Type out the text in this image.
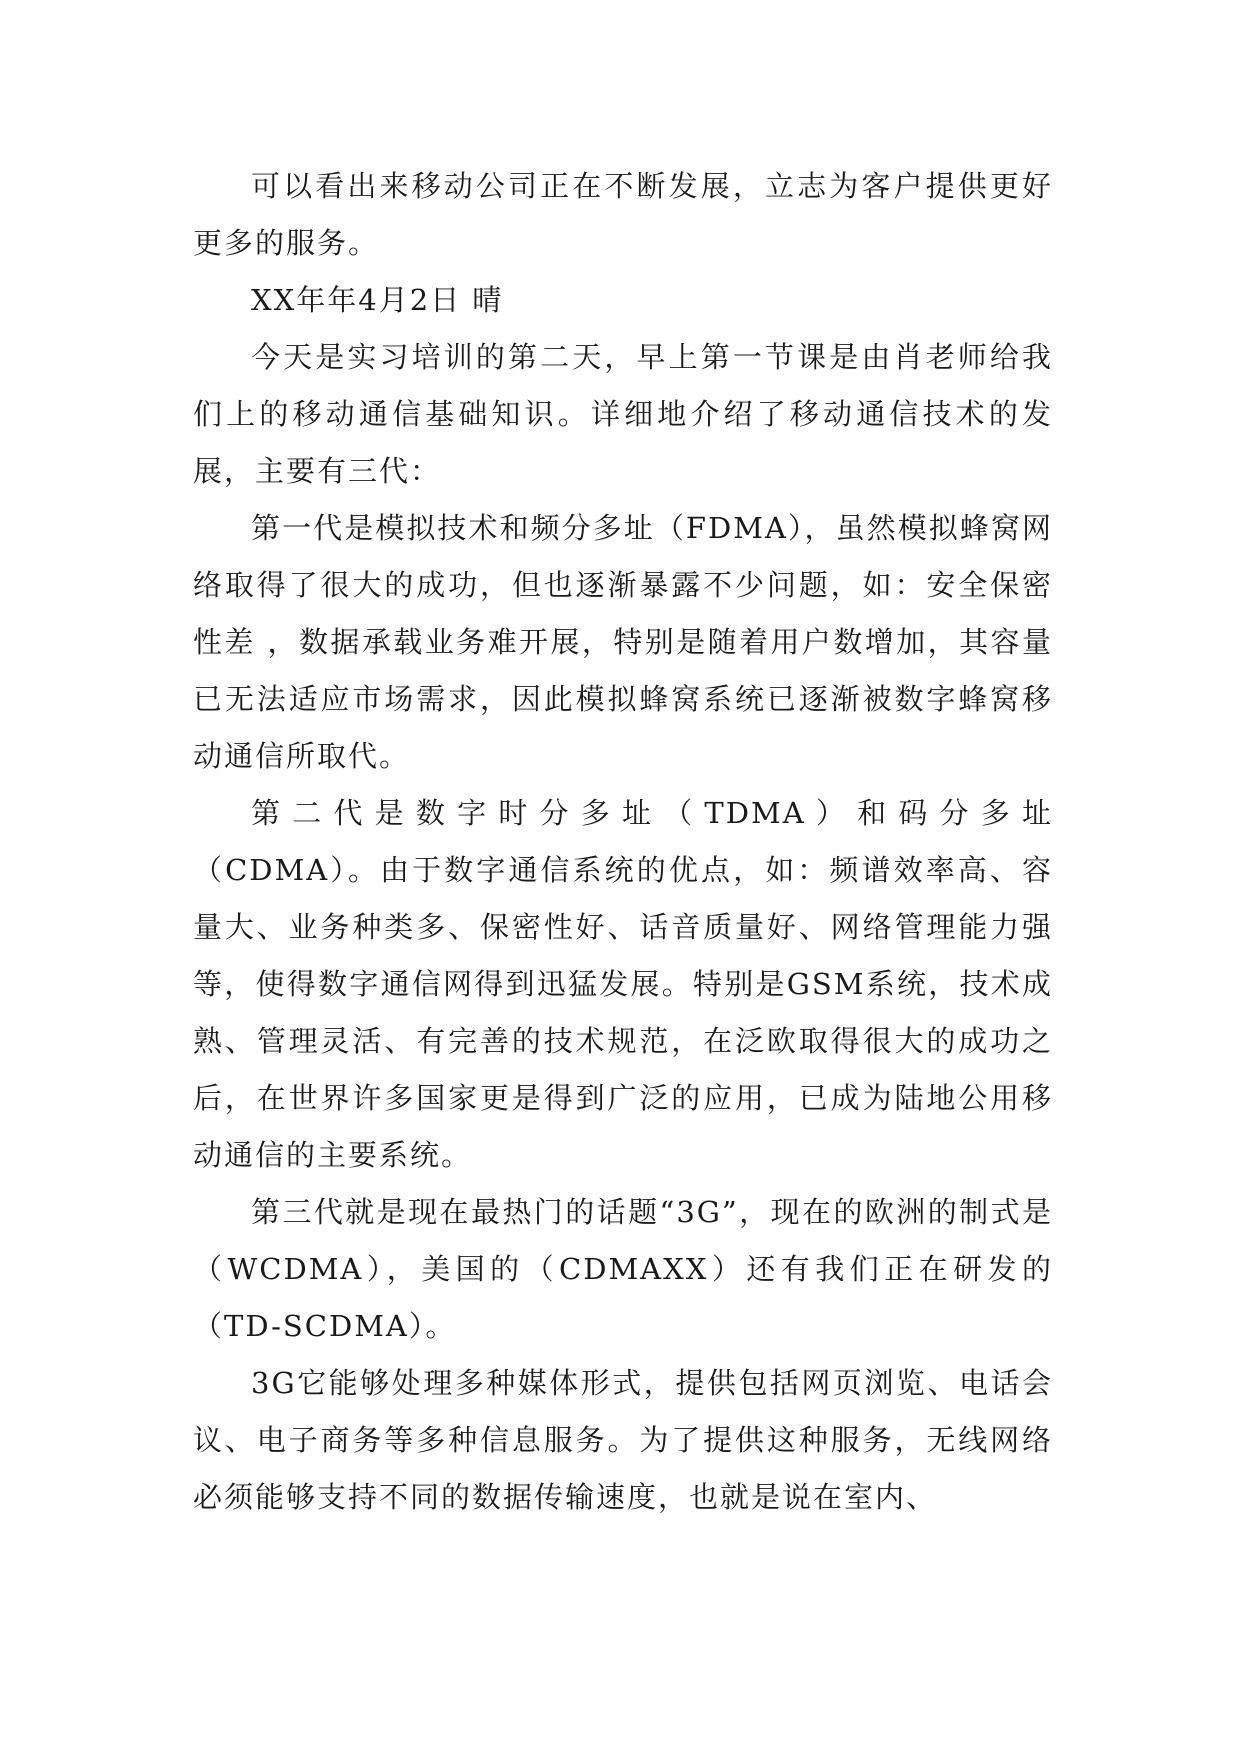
可以看出来移动公司正在不断发展，立志为客户提供更好更多的服务。

XX年年4月2日 晴

今天是实习培训的第二天，早上第一节课是由肖老师给我们上的移动通信基础知识。详细地介绍了移动通信技术的发展，主要有三代：

第一代是模拟技术和频分多址（FDMA），虽然模拟蜂窝网络取得了很大的成功，但也逐渐暴露不少问题，如：安全保密性差 ，数据承载业务难开展，特别是随着用户数增加，其容量已无法适应市场需求，因此模拟蜂窝系统已逐渐被数字蜂窝移动通信所取代。

第二代是数字时分多址（TDMA）和码分多址（CDMA）。由于数字通信系统的优点，如：频谱效率高、容量大、业务种类多、保密性好、话音质量好、网络管理能力强等，使得数字通信网得到迅猛发展。特别是GSM系统，技术成熟、管理灵活、有完善的技术规范，在泛欧取得很大的成功之后，在世界许多国家更是得到广泛的应用，已成为陆地公用移动通信的主要系统。

第三代就是现在最热门的话题“3G”，现在的欧洲的制式是（WCDMA），美国的（CDMAXX）还有我们正在研发的（TD-SCDMA）。

3G它能够处理多种媒体形式，提供包括网页浏览、电话会议、电子商务等多种信息服务。为了提供这种服务，无线网络必须能够支持不同的数据传输速度，也就是说在室内、
